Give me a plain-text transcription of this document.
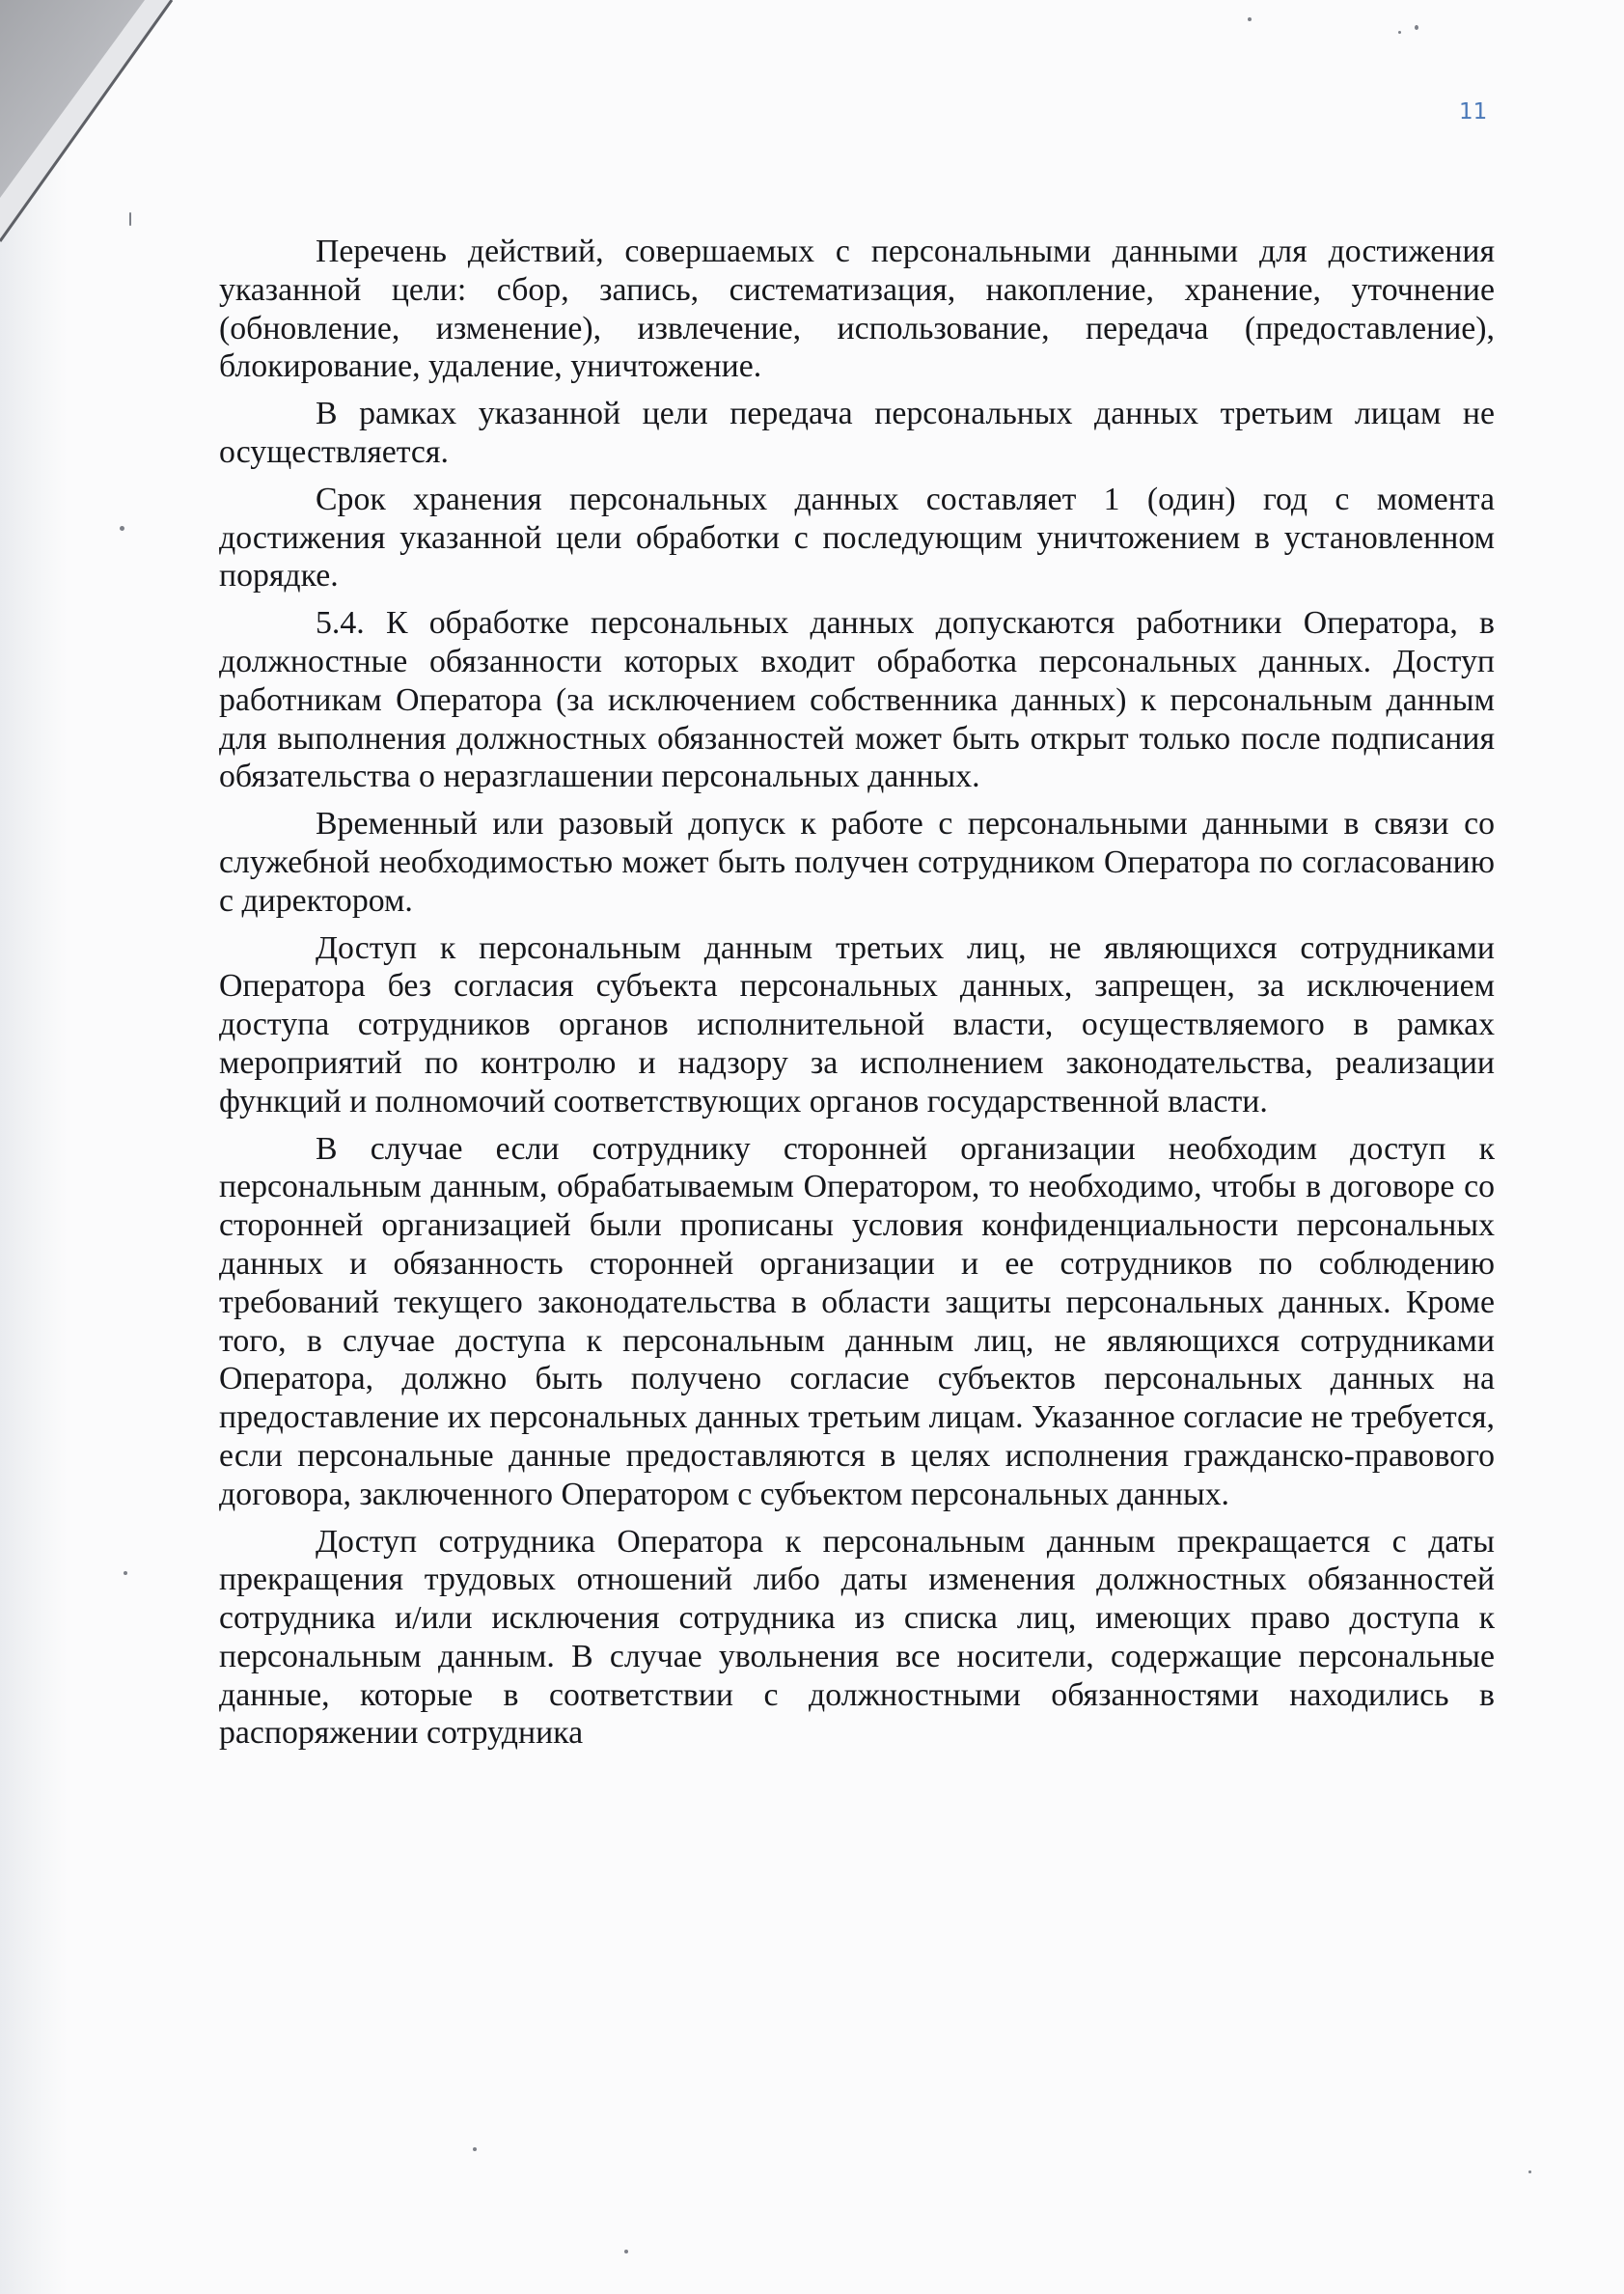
11

Перечень действий, совершаемых с персональными данными для достижения указанной цели: сбор, запись, систематизация, накопление, хранение, уточнение (обновление, изменение), извлечение, использование, передача (предоставление), блокирование, удаление, уничтожение.

В рамках указанной цели передача персональных данных третьим лицам не осуществляется.

Срок хранения персональных данных составляет 1 (один) год с момента достижения указанной цели обработки с последующим уничтожением в установленном порядке.

5.4. К обработке персональных данных допускаются работники Оператора, в должностные обязанности которых входит обработка персональных данных. Доступ работникам Оператора (за исключением собственника данных) к персональным данным для выполнения должностных обязанностей может быть открыт только после подписания обязательства о неразглашении персональных данных.

Временный или разовый допуск к работе с персональными данными в связи со служебной необходимостью может быть получен сотрудником Оператора по согласованию с директором.

Доступ к персональным данным третьих лиц, не являющихся сотрудниками Оператора без согласия субъекта персональных данных, запрещен, за исключением доступа сотрудников органов исполнительной власти, осуществляемого в рамках мероприятий по контролю и надзору за исполнением законодательства, реализации функций и полномочий соответствующих органов государственной власти.

В случае если сотруднику сторонней организации необходим доступ к персональным данным, обрабатываемым Оператором, то необходимо, чтобы в договоре со сторонней организацией были прописаны условия конфиденциальности персональных данных и обязанность сторонней организации и ее сотрудников по соблюдению требований текущего законодательства в области защиты персональных данных. Кроме того, в случае доступа к персональным данным лиц, не являющихся сотрудниками Оператора, должно быть получено согласие субъектов персональных данных на предоставление их персональных данных третьим лицам. Указанное согласие не требуется, если персональные данные предоставляются в целях исполнения гражданско-правового договора, заключенного Оператором с субъектом персональных данных.

Доступ сотрудника Оператора к персональным данным прекращается с даты прекращения трудовых отношений либо даты изменения должностных обязанностей сотрудника и/или исключения сотрудника из списка лиц, имеющих право доступа к персональным данным. В случае увольнения все носители, содержащие персональные данные, которые в соответствии с должностными обязанностями находились в распоряжении сотрудника
